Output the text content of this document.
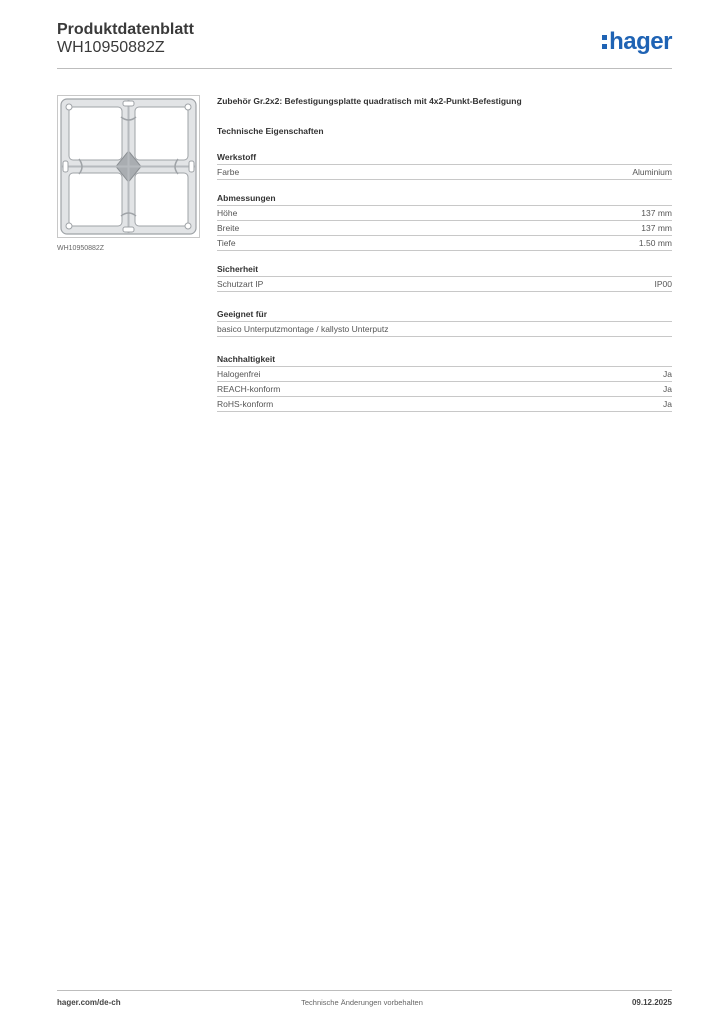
Produktdatenblatt
WH10950882Z	hager
WH10950882Z

Zubehör Gr.2x2: Befestigungsplatte quadratisch mit 4x2-Punkt-Befestigung

Technische Eigenschaften
Werkstoff
Farbe	Aluminium
Abmessungen
Höhe	137 mm
Breite	137 mm
Tiefe	1.50 mm
Sicherheit
Schutzart IP	IP00
Geeignet für
basico Unterputzmontage / kallysto Unterputz
Nachhaltigkeit
Halogenfrei	Ja
REACH-konform	Ja
RoHS-konform	Ja
hager.com/de-ch	Technische Änderungen vorbehalten	09.12.2025
